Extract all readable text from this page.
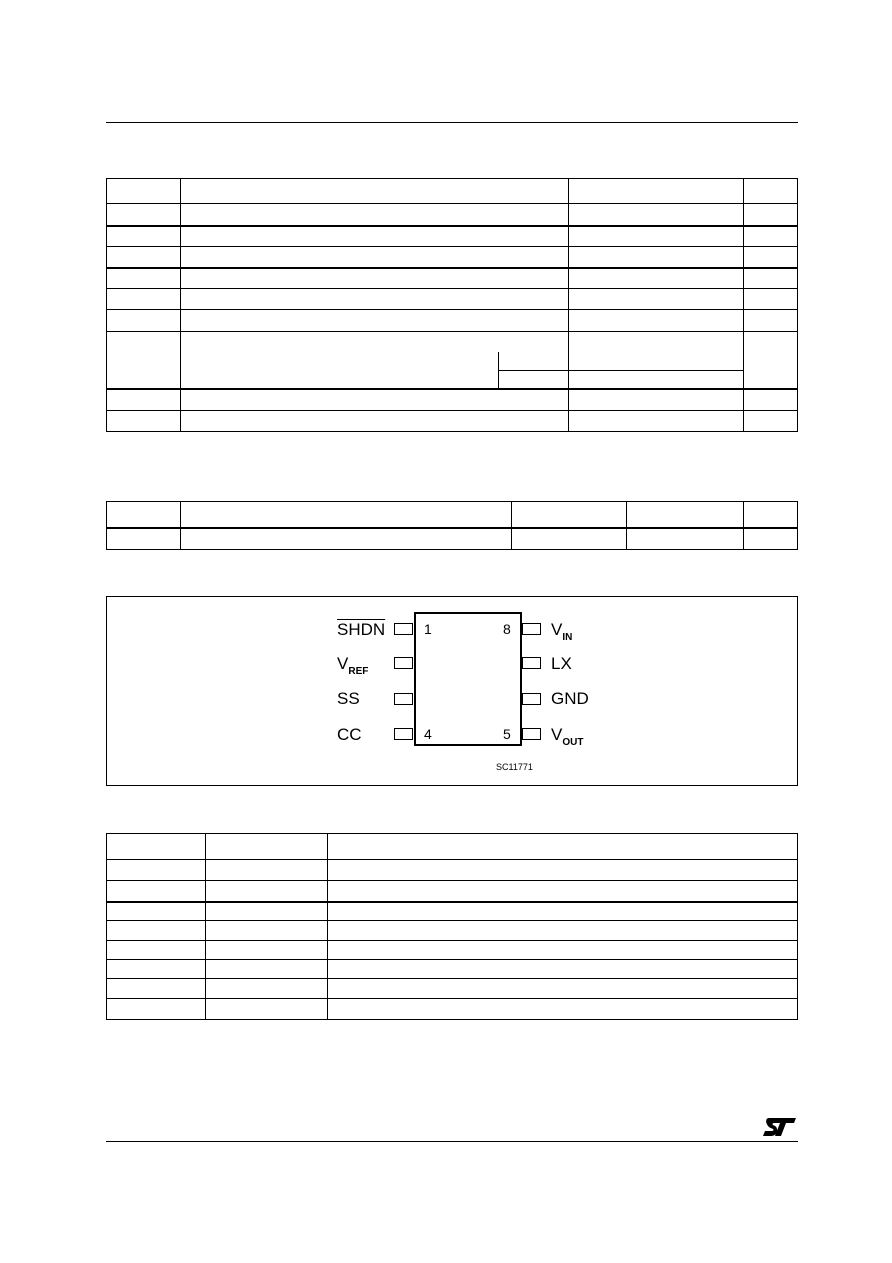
SHDN
$V_{REF}$
SS
CC
$V_{IN}$
LX
GND
$V_{OUT}$
1
4
8
5
SC11771
